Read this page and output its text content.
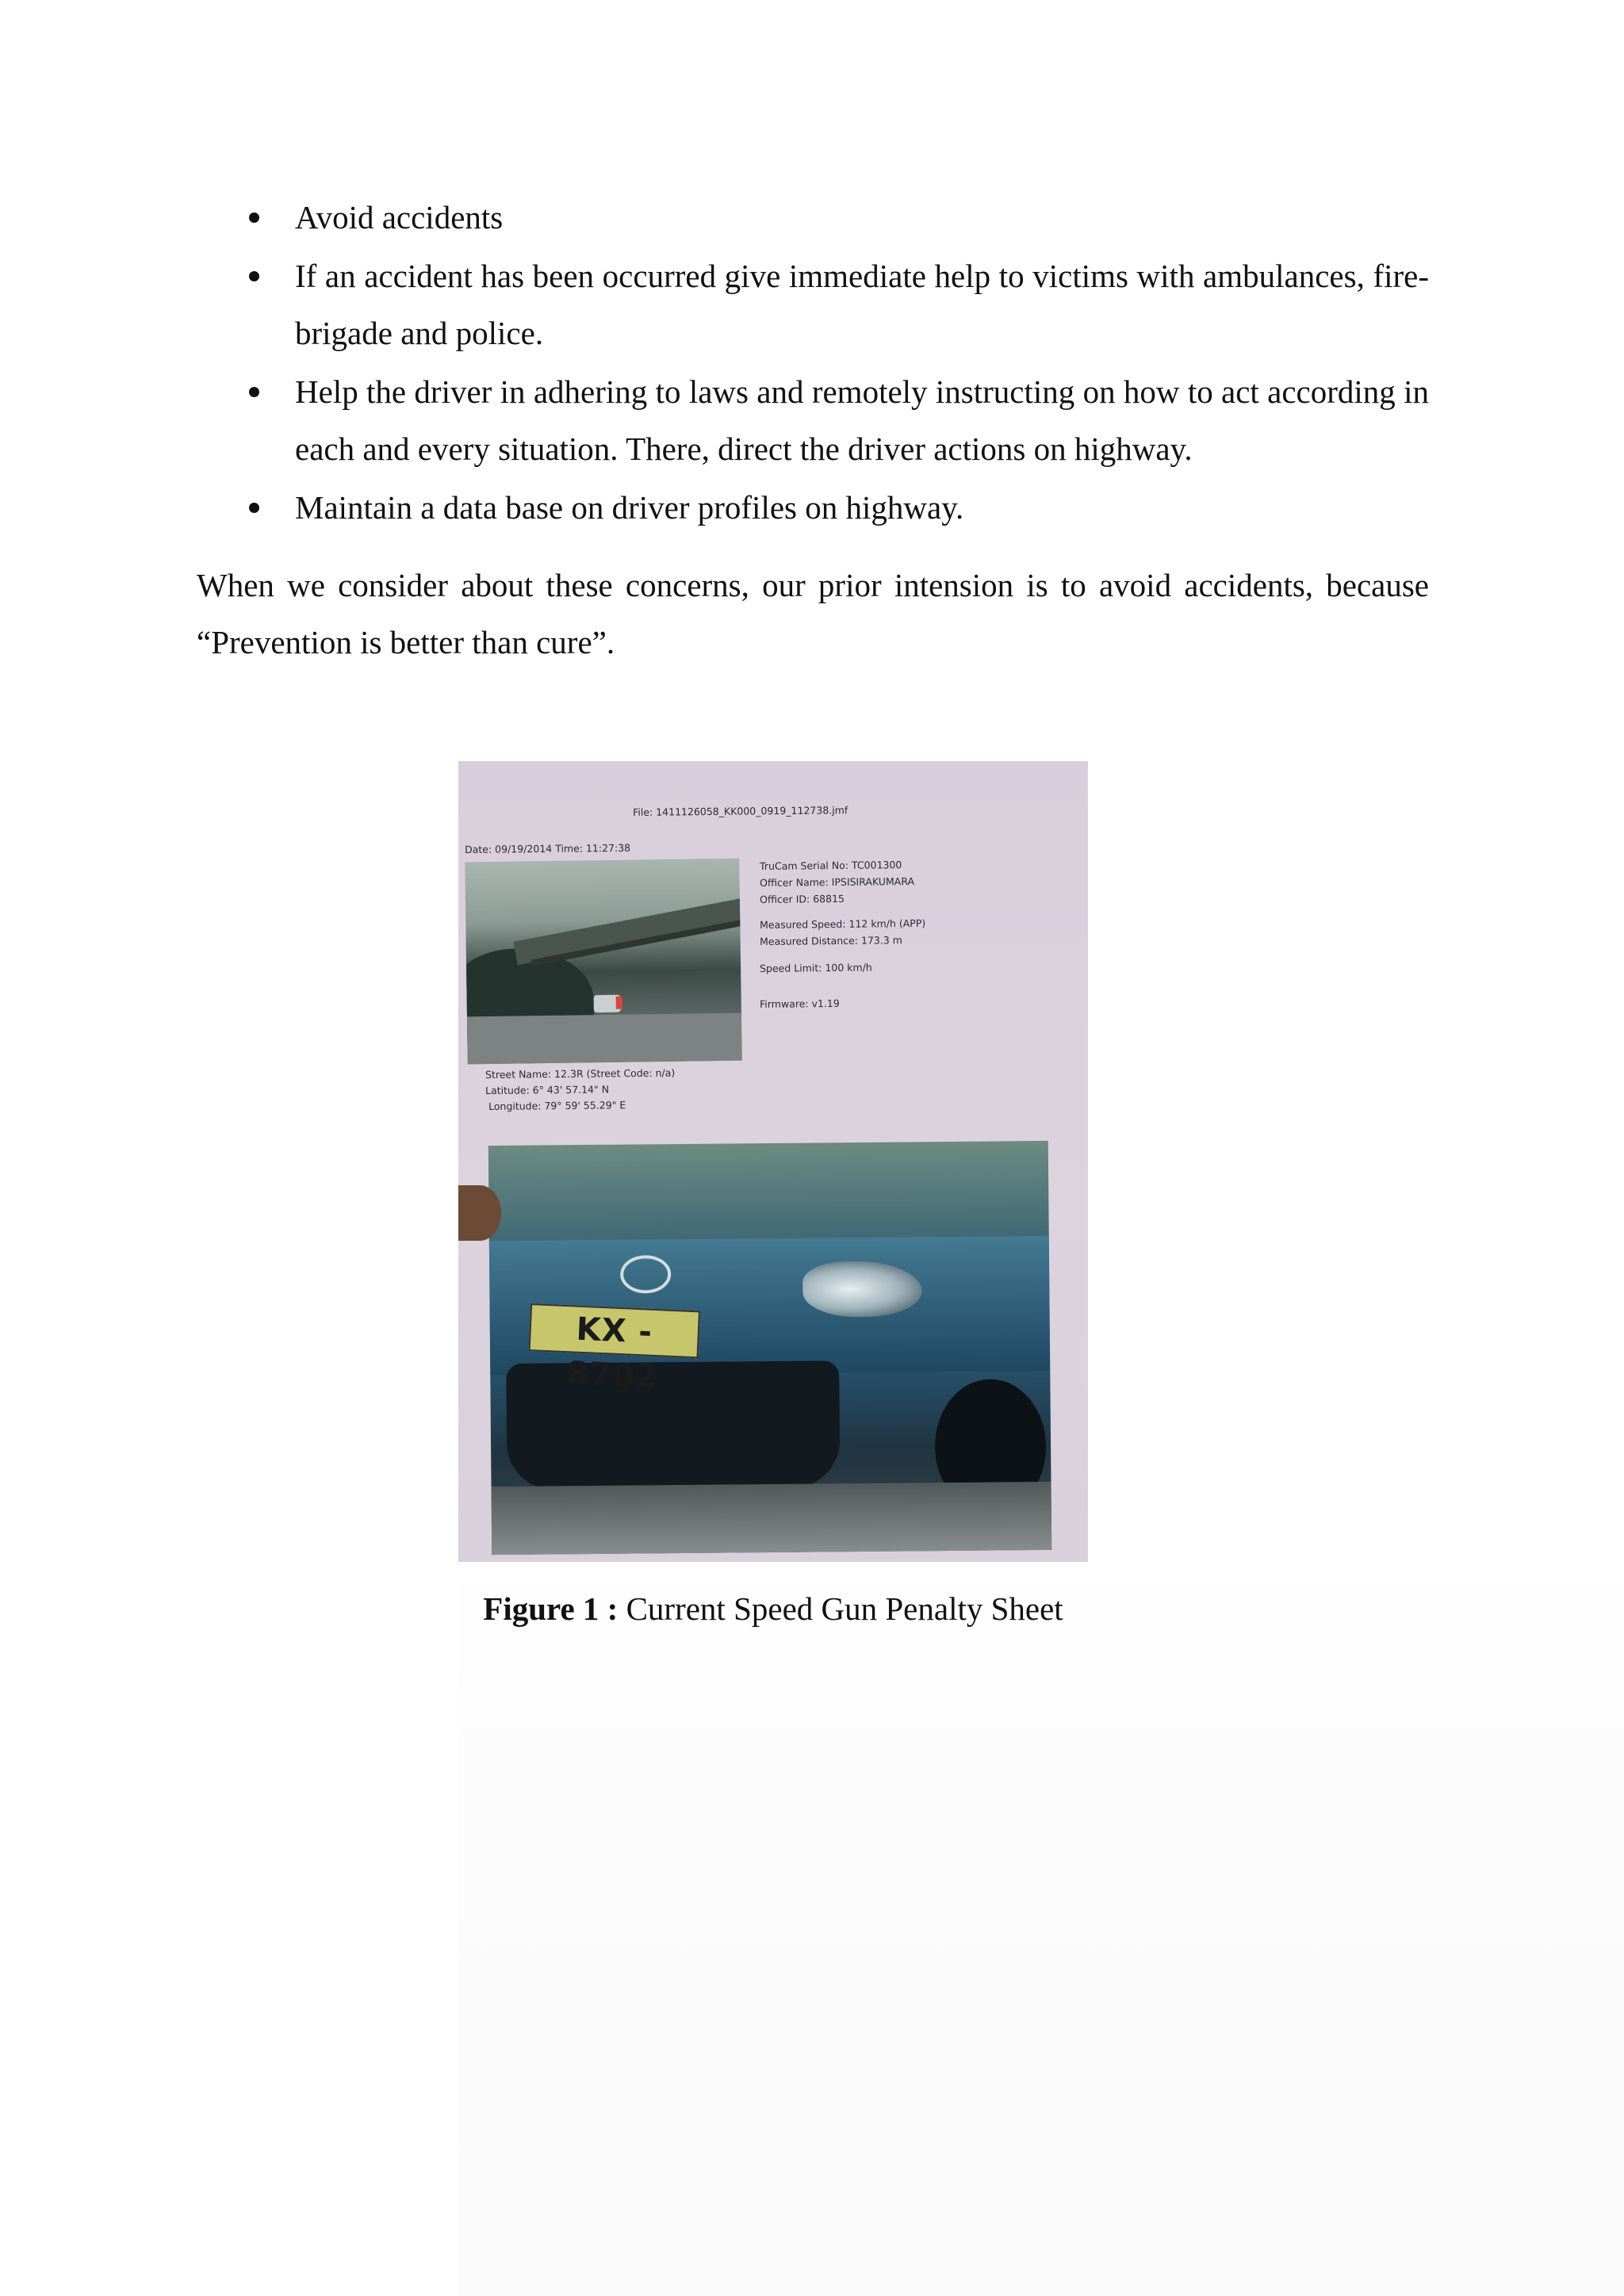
Avoid accidents
If an accident has been occurred give immediate help to victims with ambulances, fire-brigade and police.
Help the driver in adhering to laws and remotely instructing on how to act according in each and every situation. There, direct the driver actions on highway.
Maintain a data base on driver profiles on highway.

When we consider about these concerns, our prior intension is to avoid accidents, because “Prevention is better than cure”.

File: 1411126058_KK000_0919_112738.jmf
Date: 09/19/2014 Time: 11:27:38
TruCam Serial No: TC001300
Officer Name: IPSISIRAKUMARA
Officer ID: 68815
Measured Speed: 112 km/h (APP)
Measured Distance: 173.3 m
Speed Limit: 100 km/h
Firmware: v1.19
Street Name: 12.3R (Street Code: n/a)
Latitude: 6° 43' 57.14" N
Longitude: 79° 59' 55.29" E
KX - 8702

Figure 1 : Current Speed Gun Penalty Sheet
